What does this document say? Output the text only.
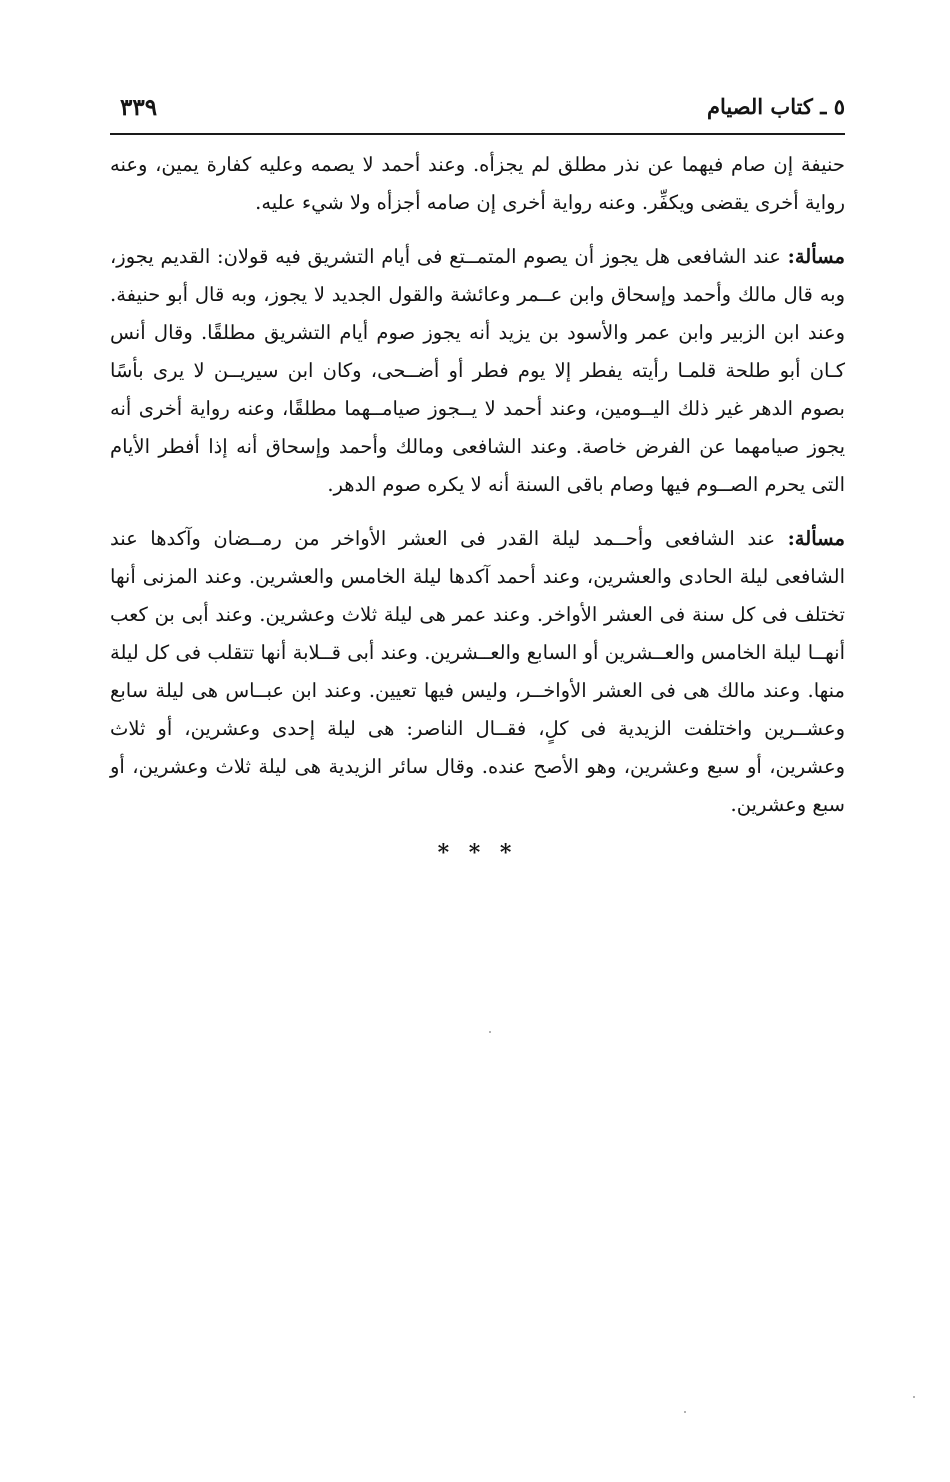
٥ ـ كتاب الصيام
٣٣٩

حنيفة إن صام فيهما عن نذر مطلق لم يجزأه. وعند أحمد لا يصمه وعليه كفارة يمين، وعنه رواية أخرى يقضى ويكفِّر. وعنه رواية أخرى إن صامه أجزأه ولا شيء عليه.

مسألة: عند الشافعى هل يجوز أن يصوم المتمــتع فى أيام التشريق فيه قولان: القديم يجوز، وبه قال مالك وأحمد وإسحاق وابن عــمر وعائشة والقول الجديد لا يجوز، وبه قال أبو حنيفة. وعند ابن الزبير وابن عمر والأسود بن يزيد أنه يجوز صوم أيام التشريق مطلقًا. وقال أنس كـان أبو طلحة قلمـا رأيته يفطر إلا يوم فطر أو أضــحى، وكان ابن سيريــن لا يرى بأسًا بصوم الدهر غير ذلك اليــومين، وعند أحمد لا يــجوز صيامــهما مطلقًا، وعنه رواية أخرى أنه يجوز صيامهما عن الفرض خاصة. وعند الشافعى ومالك وأحمد وإسحاق أنه إذا أفطر الأيام التى يحرم الصــوم فيها وصام باقى السنة أنه لا يكره صوم الدهر.

مسألة: عند الشافعى وأحــمد ليلة القدر فى العشر الأواخر من رمــضان وآكدها عند الشافعى ليلة الحادى والعشرين، وعند أحمد آكدها ليلة الخامس والعشرين. وعند المزنى أنها تختلف فى كل سنة فى العشر الأواخر. وعند عمر هى ليلة ثلاث وعشرين. وعند أبى بن كعب أنهــا ليلة الخامس والعــشرين أو السابع والعــشرين. وعند أبى قــلابة أنها تتقلب فى كل ليلة منها. وعند مالك هى فى العشر الأواخــر، وليس فيها تعيين. وعند ابن عبــاس هى ليلة سابع وعشــرين واختلفت الزيدية فى كلٍ، فقــال الناصر: هى ليلة إحدى وعشرين، أو ثلاث وعشرين، أو سبع وعشرين، وهو الأصح عنده. وقال سائر الزيدية هى ليلة ثلاث وعشرين، أو سبع وعشرين.

* * *
